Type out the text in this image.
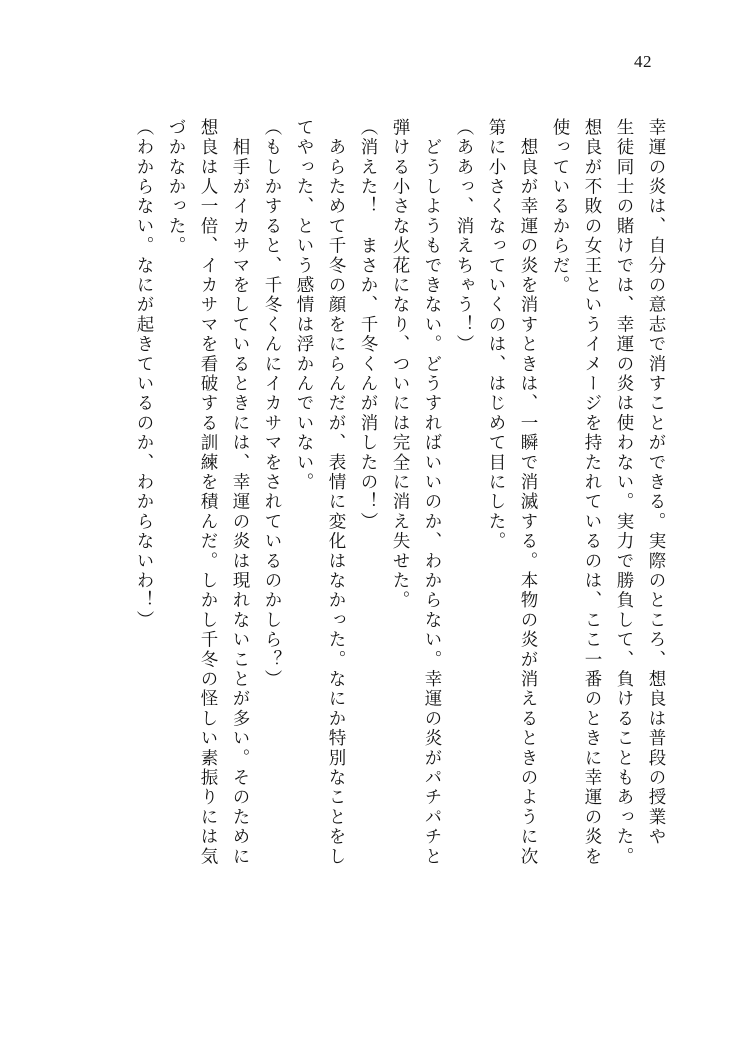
42
幸運の炎は、自分の意志で消すことができる。実際のところ、想良は普段の授業や
生徒同士の賭けでは、幸運の炎は使わない。実力で勝負して、負けることもあった。
想良が不敗の女王というイメージを持たれているのは、ここ一番のときに幸運の炎を
使っているからだ。
　想良が幸運の炎を消すときは、一瞬で消滅する。本物の炎が消えるときのように次
第に小さくなっていくのは、はじめて目にした。
（ああっ、消えちゃう！）
　どうしようもできない。どうすればいいのか、わからない。幸運の炎がパチパチと
弾ける小さな火花になり、ついには完全に消え失せた。
（消えた！　まさか、千冬くんが消したの！）
　あらためて千冬の顔をにらんだが、表情に変化はなかった。なにか特別なことをし
てやった、という感情は浮かんでいない。
（もしかすると、千冬くんにイカサマをされているのかしら？）
　相手がイカサマをしているときには、幸運の炎は現れないことが多い。そのために
想良は人一倍、イカサマを看破する訓練を積んだ。しかし千冬の怪しい素振りには気
づかなかった。
（わからない。なにが起きているのか、わからないわ！）
